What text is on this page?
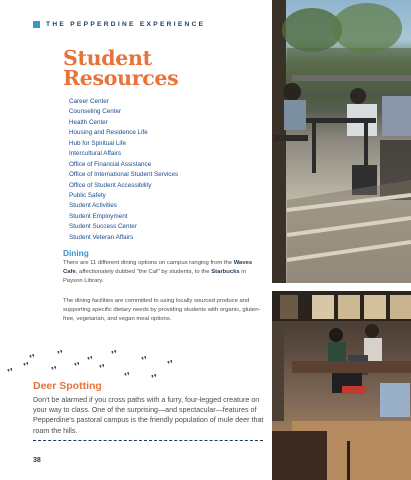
THE PEPPERDINE EXPERIENCE
Student
Resources
Career Center
Counseling Center
Health Center
Housing and Residence Life
Hub for Spiritual Life
Intercultural Affairs
Office of Financial Assistance
Office of International Student Services
Office of Student Accessibility
Public Safety
Student Activities
Student Employment
Student Success Center
Student Veteran Affairs
Dining
There are 11 different dining options on campus ranging from the Waves Cafe, affectionately dubbed "the Caf" by students, to the Starbucks in Payson Library.
The dining facilities are committed to using locally sourced produce and supporting specific dietary needs by providing students with organic, gluten-free, vegetarian, and vegan meal options.
❜❜ ❜❜
❜❜
❜❜
❜❜ ❜❜
❜❜
❜❜ ❜❜ ❜❜ ❜❜
❜❜ ❜❜
Deer Spotting
Don't be alarmed if you cross paths with a furry, four-legged creature on your way to class. One of the surprising—and spectacular—features of Pepperdine's pastoral campus is the friendly population of mule deer that roam the hills.
38
